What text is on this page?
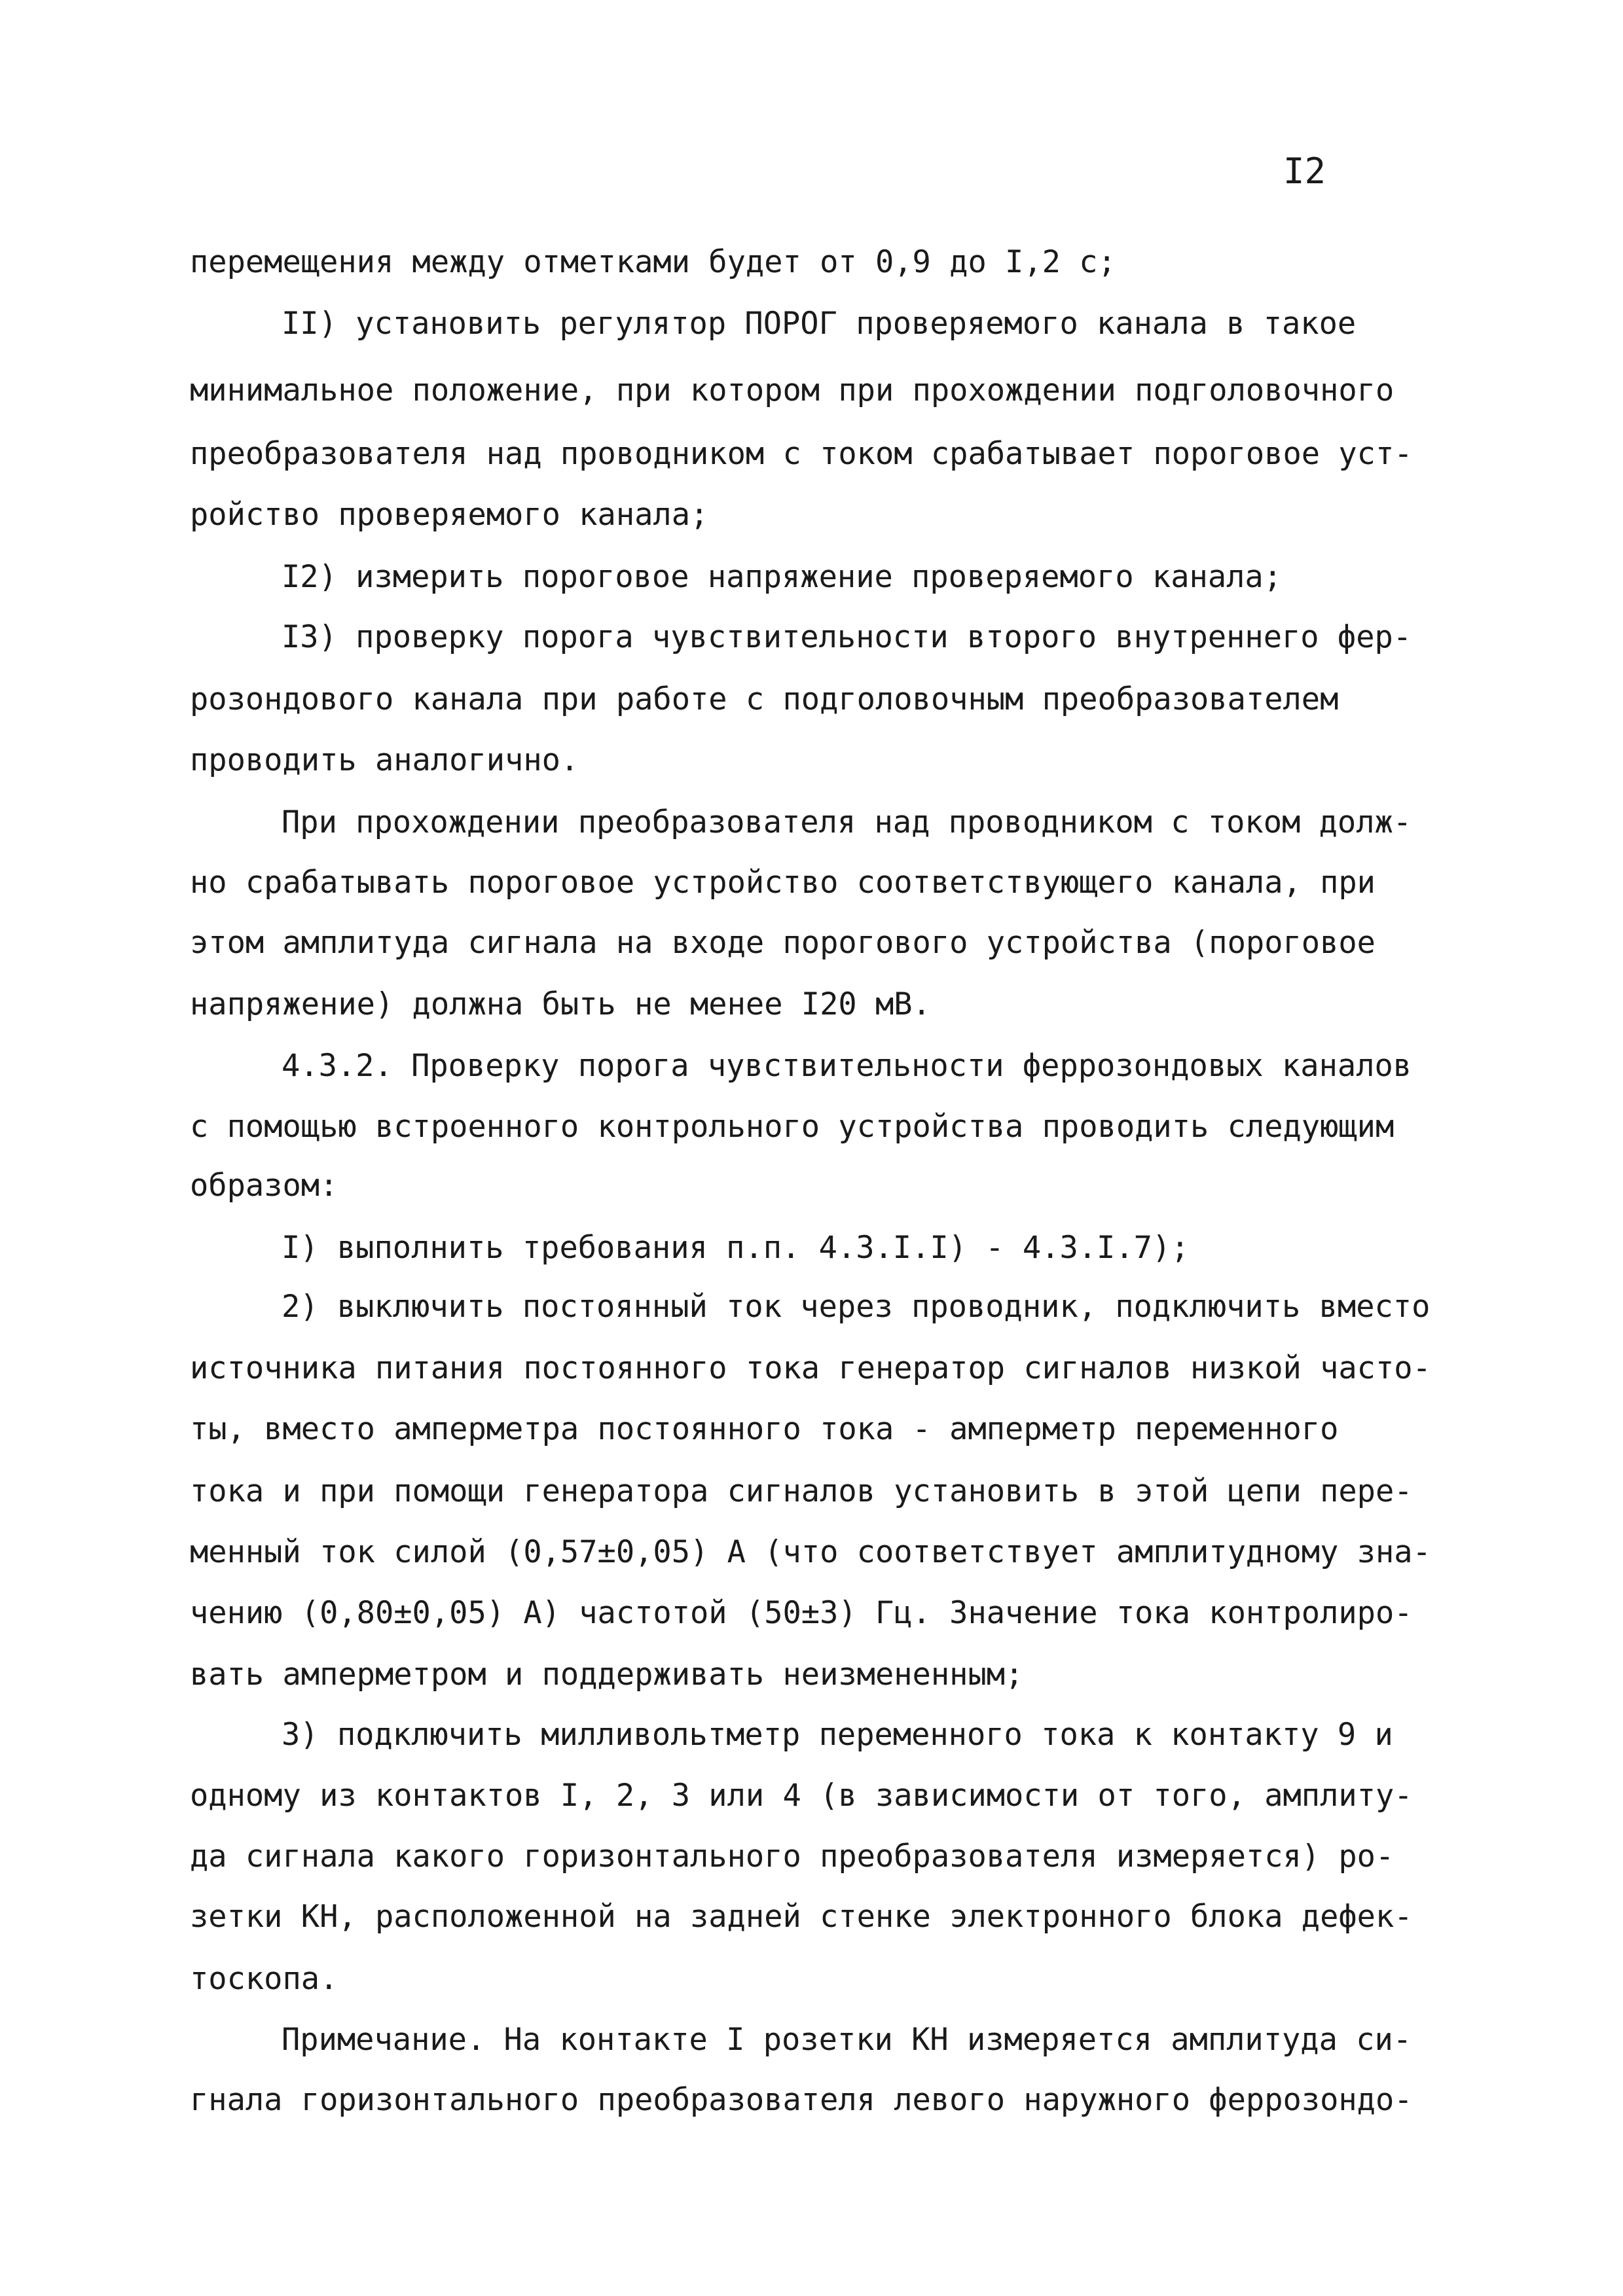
I2
перемещения между отметками будет от 0,9 до I,2 с;
II) установить регулятор ПОРОГ проверяемого канала в такое
минимальное положение, при котором при прохождении подголовочного
преобразователя над проводником с током срабатывает пороговое уст-
ройство проверяемого канала;
I2) измерить пороговое напряжение проверяемого канала;
I3) проверку порога чувствительности второго внутреннего фер-
розондового канала при работе с подголовочным преобразователем
проводить аналогично.
При прохождении преобразователя над проводником с током долж-
но срабатывать пороговое устройство соответствующего канала, при
этом амплитуда сигнала на входе порогового устройства (пороговое
напряжение) должна быть не менее I20 мВ.
4.3.2. Проверку порога чувствительности феррозондовых каналов
с помощью встроенного контрольного устройства проводить следующим
образом:
I) выполнить требования п.п. 4.3.I.I) - 4.3.I.7);
2) выключить постоянный ток через проводник, подключить вместо
источника питания постоянного тока генератор сигналов низкой часто-
ты, вместо амперметра постоянного тока - амперметр переменного
тока и при помощи генератора сигналов установить в этой цепи пере-
менный ток силой (0,57±0,05) А (что соответствует амплитудному зна-
чению (0,80±0,05) А) частотой (50±3) Гц. Значение тока контролиро-
вать амперметром и поддерживать неизмененным;
3) подключить милливольтметр переменного тока к контакту 9 и
одному из контактов I, 2, 3 или 4 (в зависимости от того, амплиту-
да сигнала какого горизонтального преобразователя измеряется) ро-
зетки КН, расположенной на задней стенке электронного блока дефек-
тоскопа.
Примечание. На контакте I розетки КН измеряется амплитуда си-
гнала горизонтального преобразователя левого наружного феррозондо-
